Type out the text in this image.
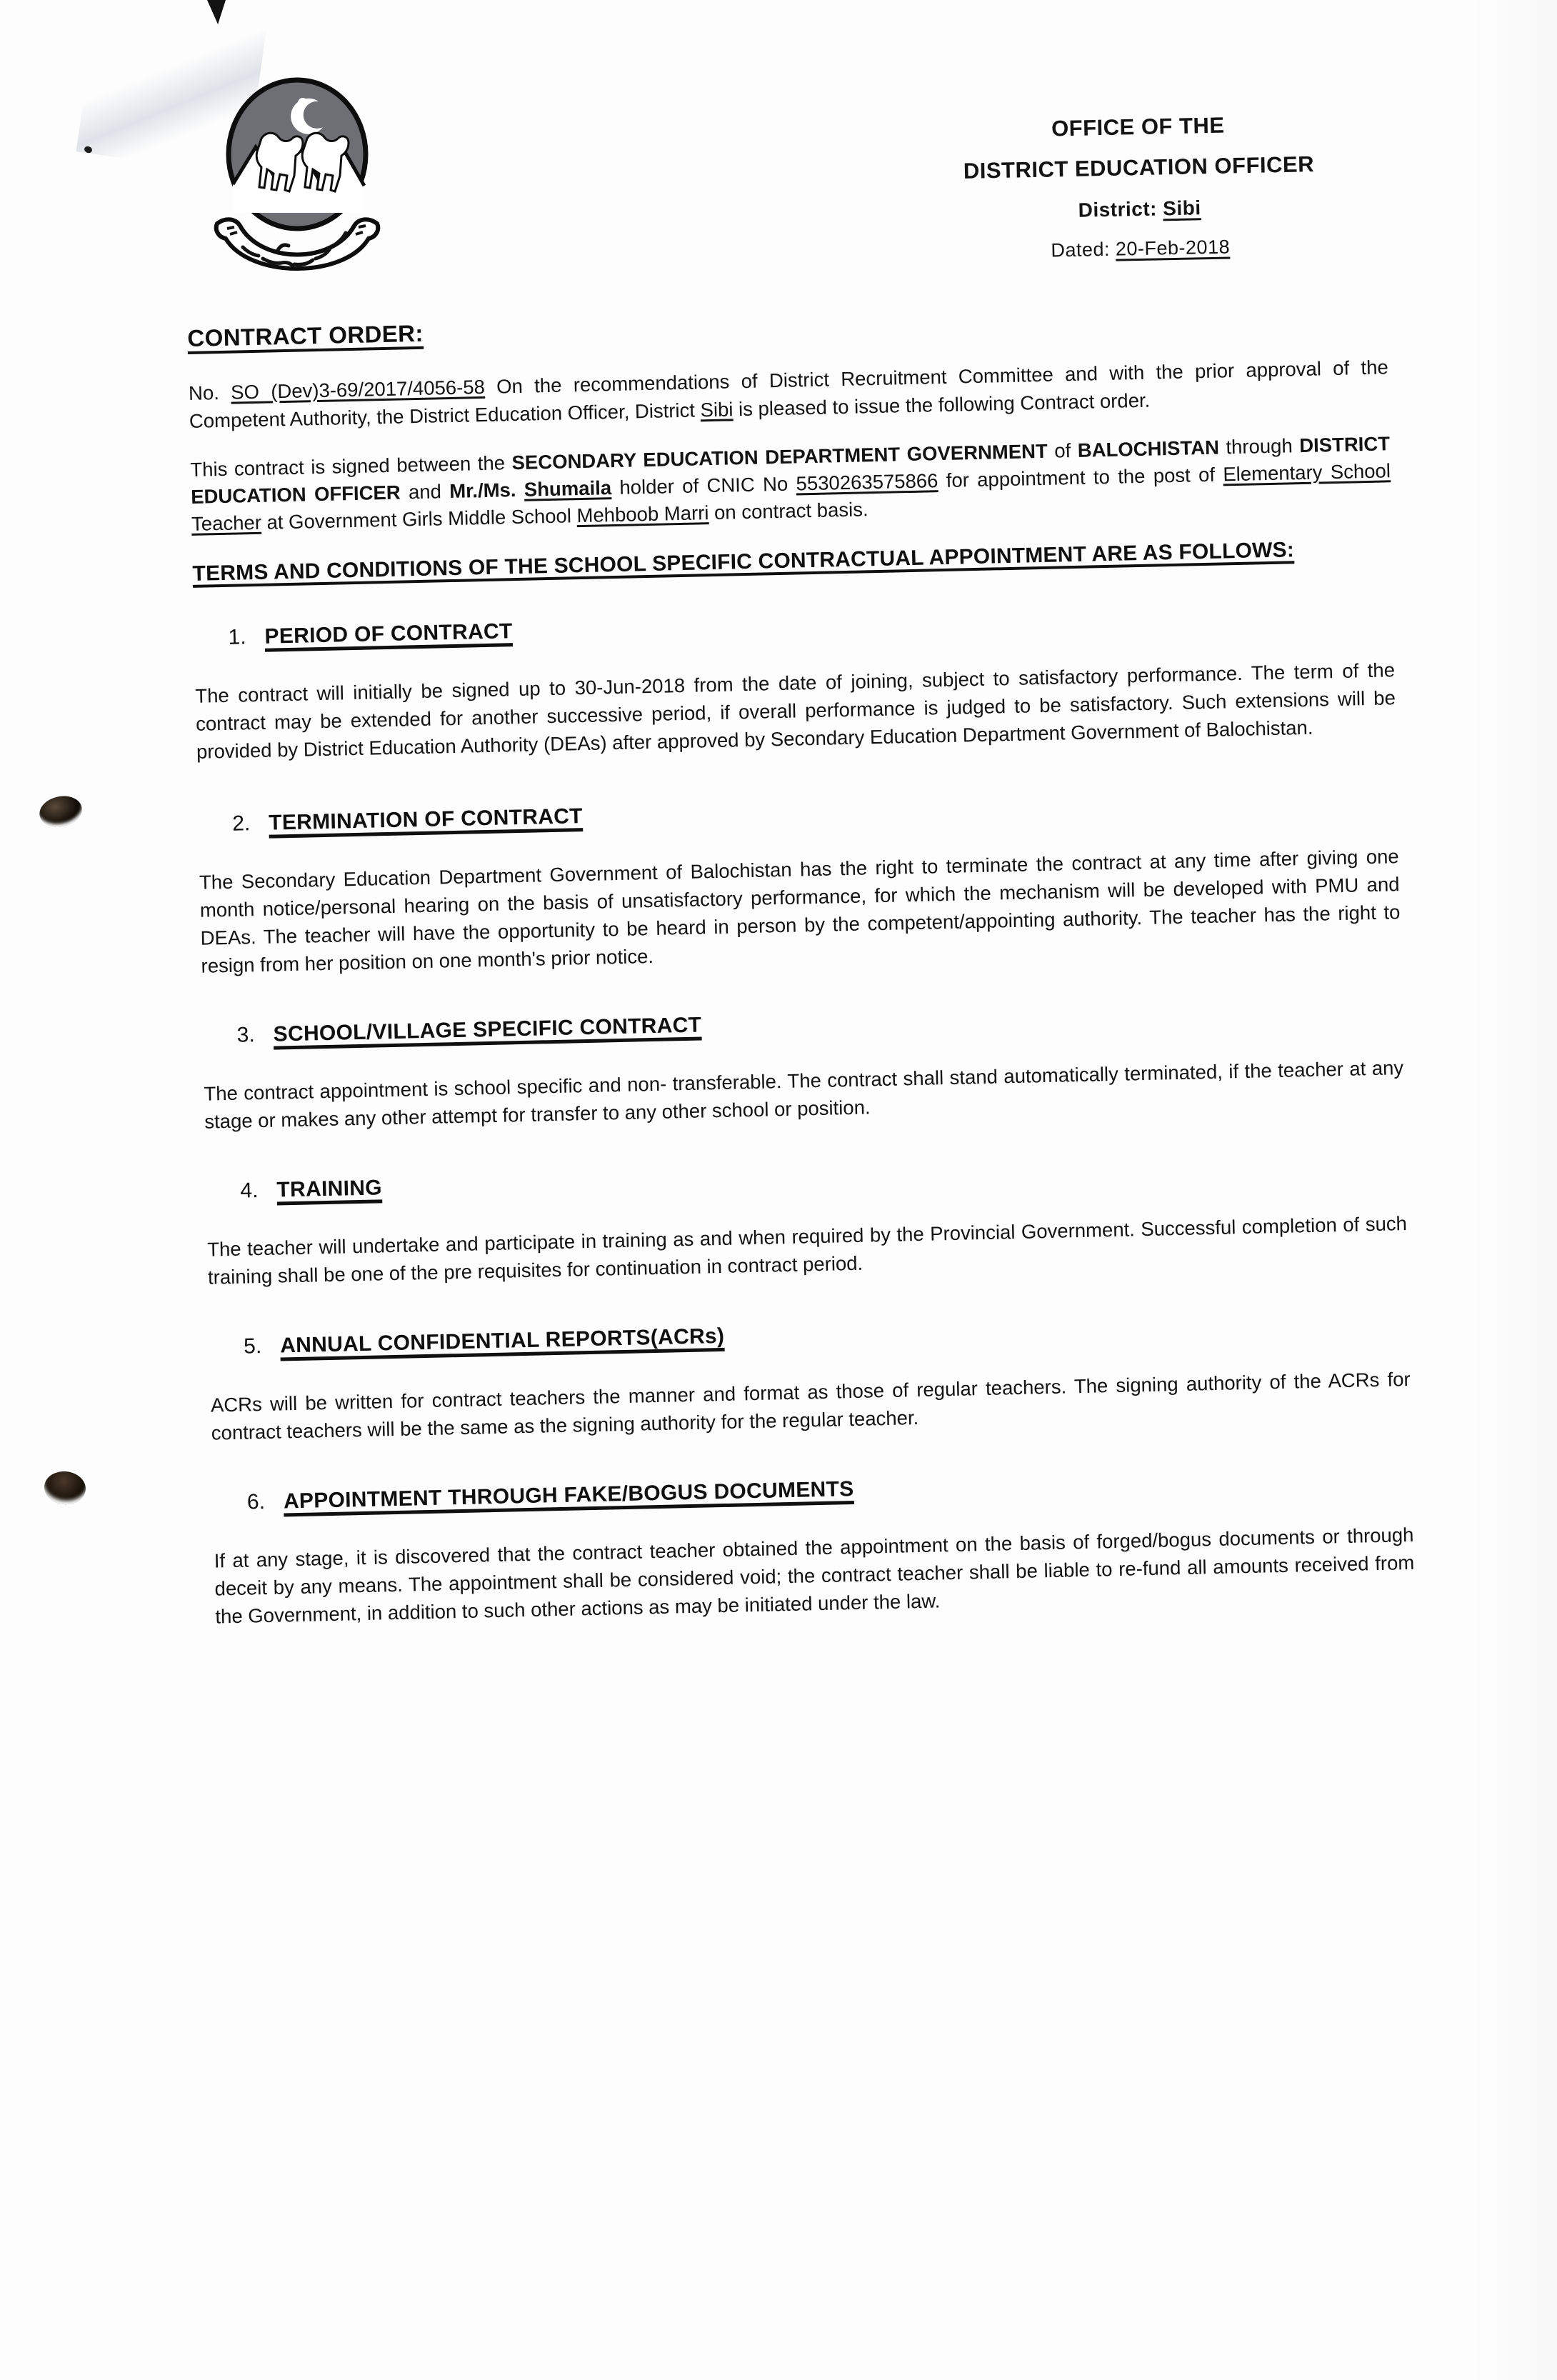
OFFICE OF THE
DISTRICT EDUCATION OFFICER
District: Sibi
Dated: 20-Feb-2018
CONTRACT ORDER:

No. SO (Dev)3-69/2017/4056-58 On the recommendations of District Recruitment Committee and with the prior approval of the Competent Authority, the District Education Officer, District Sibi is pleased to issue the following Contract order.

This contract is signed between the SECONDARY EDUCATION DEPARTMENT GOVERNMENT of BALOCHISTAN through DISTRICT EDUCATION OFFICER and Mr./Ms. Shumaila holder of CNIC No 5530263575866 for appointment to the post of Elementary School Teacher at Government Girls Middle School Mehboob Marri on contract basis.

TERMS AND CONDITIONS OF THE SCHOOL SPECIFIC CONTRACTUAL APPOINTMENT ARE AS FOLLOWS:
1. PERIOD OF CONTRACT

The contract will initially be signed up to 30-Jun-2018 from the date of joining, subject to satisfactory performance. The term of the contract may be extended for another successive period, if overall performance is judged to be satisfactory. Such extensions will be provided by District Education Authority (DEAs) after approved by Secondary Education Department Government of Balochistan.

2. TERMINATION OF CONTRACT

The Secondary Education Department Government of Balochistan has the right to terminate the contract at any time after giving one month notice/personal hearing on the basis of unsatisfactory performance, for which the mechanism will be developed with PMU and DEAs. The teacher will have the opportunity to be heard in person by the competent/appointing authority. The teacher has the right to resign from her position on one month's prior notice.

3. SCHOOL/VILLAGE SPECIFIC CONTRACT

The contract appointment is school specific and non- transferable. The contract shall stand automatically terminated, if the teacher at any stage or makes any other attempt for transfer to any other school or position.

4. TRAINING

The teacher will undertake and participate in training as and when required by the Provincial Government. Successful completion of such training shall be one of the pre requisites for continuation in contract period.

5. ANNUAL CONFIDENTIAL REPORTS(ACRs)

ACRs will be written for contract teachers the manner and format as those of regular teachers. The signing authority of the ACRs for contract teachers will be the same as the signing authority for the regular teacher.

6. APPOINTMENT THROUGH FAKE/BOGUS DOCUMENTS

If at any stage, it is discovered that the contract teacher obtained the appointment on the basis of forged/bogus documents or through deceit by any means. The appointment shall be considered void; the contract teacher shall be liable to re-fund all amounts received from the Government, in addition to such other actions as may be initiated under the law.
